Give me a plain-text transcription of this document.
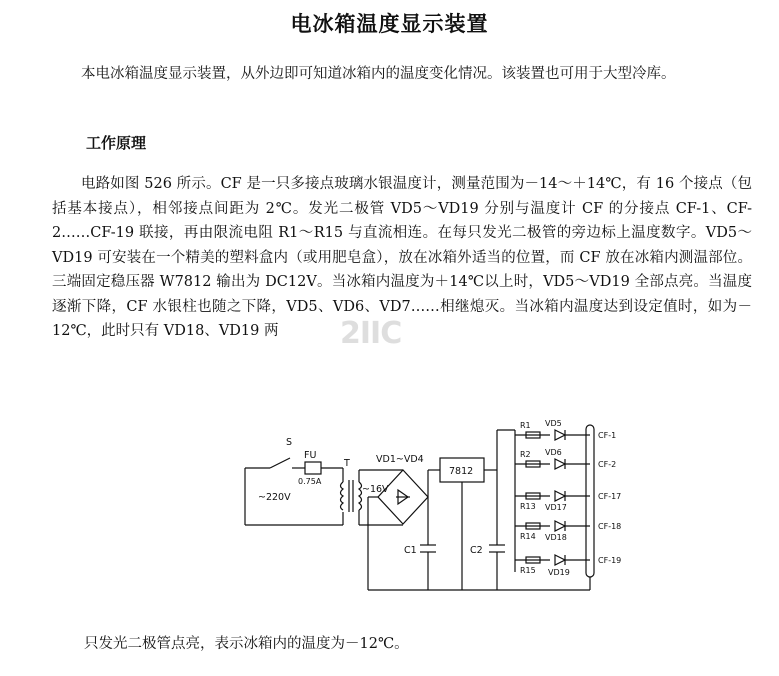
电冰箱温度显示装置

本电冰箱温度显示装置，从外边即可知道冰箱内的温度变化情况。该装置也可用于大型冷库。

工作原理

电路如图 526 所示。CF 是一只多接点玻璃水银温度计，测量范围为－14～＋14℃，有 16 个接点（包括基本接点），相邻接点间距为 2℃。发光二极管 VD5～VD19 分别与温度计 CF 的分接点 CF-1、CF-2……CF-19 联接，再由限流电阻 R1～R15 与直流相连。在每只发光二极管的旁边标上温度数字。VD5～VD19 可安装在一个精美的塑料盒内（或用肥皂盒），放在冰箱外适当的位置，而 CF 放在冰箱内测温部位。三端固定稳压器 W7812 输出为 DC12V。当冰箱内温度为＋14℃以上时，VD5～VD19 全部点亮。当温度逐渐下降，CF 水银柱也随之下降，VD5、VD6、VD7……相继熄灭。当冰箱内温度达到设定值时，如为－12℃，此时只有 VD18、VD19 两	2IIC
S
FU
0.75A
T
~220V
~16V
VD1~VD4
7812
C1	C2
R1
R2
R13
R14
R15
VD5
VD6
VD17
VD18
VD19
CF-1
CF-2
CF-17
CF-18
CF-19
只发光二极管点亮，表示冰箱内的温度为－12℃。
